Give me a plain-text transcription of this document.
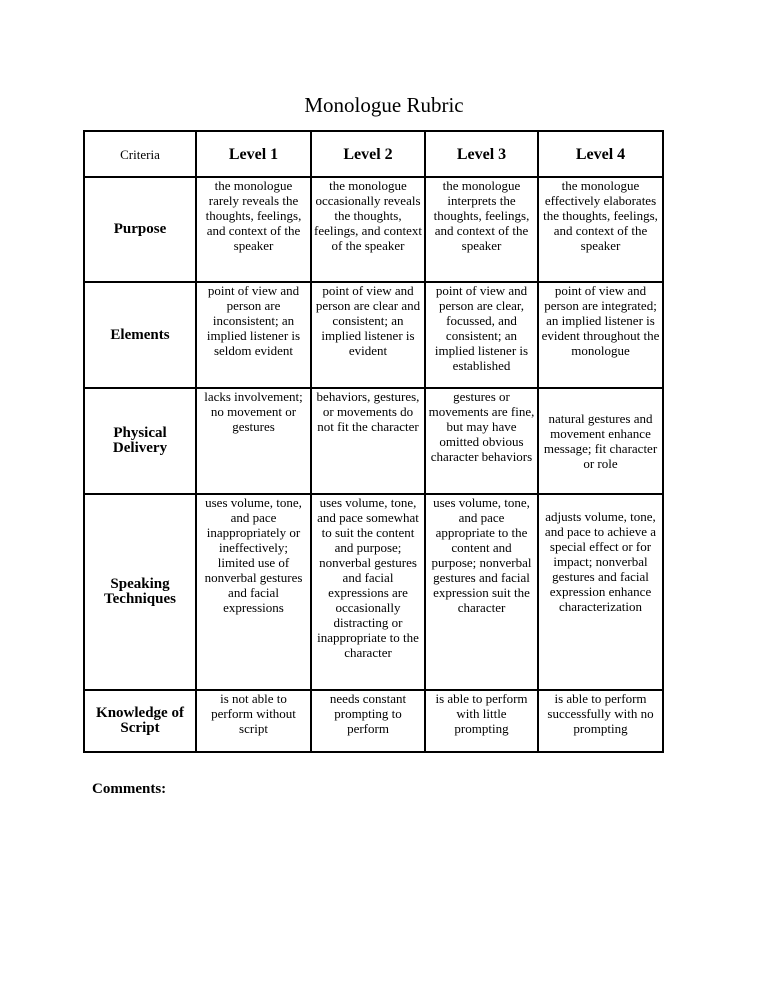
Monologue Rubric
Criteria	Level 1	Level 2	Level 3	Level 4
Purpose	the monologue rarely reveals the thoughts, feelings, and context of the speaker	the monologue occasionally reveals the thoughts, feelings, and context of the speaker	the monologue interprets the thoughts, feelings, and context of the speaker	the monologue effectively elaborates the thoughts, feelings, and context of the speaker
Elements	point of view and person are inconsistent; an implied listener is seldom evident	point of view and person are clear and consistent; an implied listener is evident	point of view and person are clear, focussed, and consistent; an implied listener is established	point of view and person are integrated; an implied listener is evident throughout the monologue
Physical Delivery	lacks involvement; no movement or gestures	behaviors, gestures, or movements do not fit the character	gestures or movements are fine, but may have omitted obvious character behaviors	natural gestures and movement enhance message; fit character or role
Speaking Techniques	uses volume, tone, and pace inappropriately or ineffectively; limited use of nonverbal gestures and facial expressions	uses volume, tone, and pace somewhat to suit the content and purpose; nonverbal gestures and facial expressions are occasionally distracting or inappropriate to the character	uses volume, tone, and pace appropriate to the content and purpose; nonverbal gestures and facial expression suit the character	adjusts volume, tone, and pace to achieve a special effect or for impact; nonverbal gestures and facial expression enhance characterization
Knowledge of Script	is not able to perform without script	needs constant prompting to perform	is able to perform with little prompting	is able to perform successfully with no prompting
Comments:
